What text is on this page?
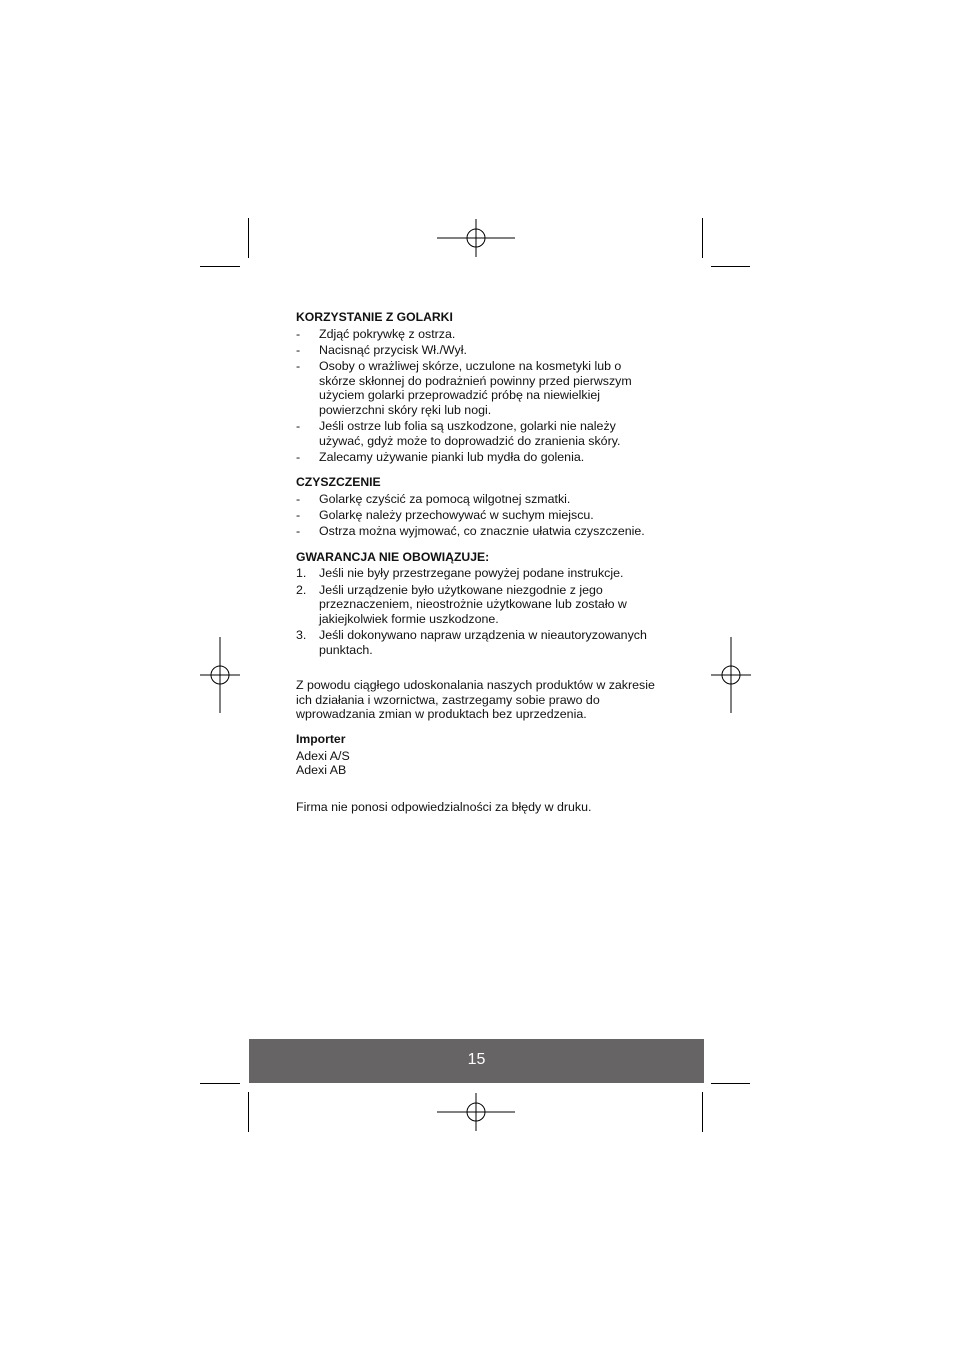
KORZYSTANIE Z GOLARKI
- Zdjąć pokrywkę z ostrza.
- Nacisnąć przycisk Wł./Wył.
- Osoby o wrażliwej skórze, uczulone na kosmetyki lub o skórze skłonnej do podrażnień powinny przed pierwszym użyciem golarki przeprowadzić próbę na niewielkiej powierzchni skóry ręki lub nogi.
- Jeśli ostrze lub folia są uszkodzone, golarki nie należy używać, gdyż może to doprowadzić do zranienia skóry.
- Zalecamy używanie pianki lub mydła do golenia.
CZYSZCZENIE
- Golarkę czyścić za pomocą wilgotnej szmatki.
- Golarkę należy przechowywać w suchym miejscu.
- Ostrza można wyjmować, co znacznie ułatwia czyszczenie.
GWARANCJA NIE OBOWIĄZUJE:
1. Jeśli nie były przestrzegane powyżej podane instrukcje.
2. Jeśli urządzenie było użytkowane niezgodnie z jego przeznaczeniem, nieostrożnie użytkowane lub zostało w jakiejkolwiek formie uszkodzone.
3. Jeśli dokonywano napraw urządzenia w nieautoryzowanych punktach.

Z powodu ciągłego udoskonalania naszych produktów w zakresie ich działania i wzornictwa, zastrzegamy sobie prawo do wprowadzania zmian w produktach bez uprzedzenia.

Importer
Adexi A/S
Adexi AB

Firma nie ponosi odpowiedzialności za błędy w druku.

15
